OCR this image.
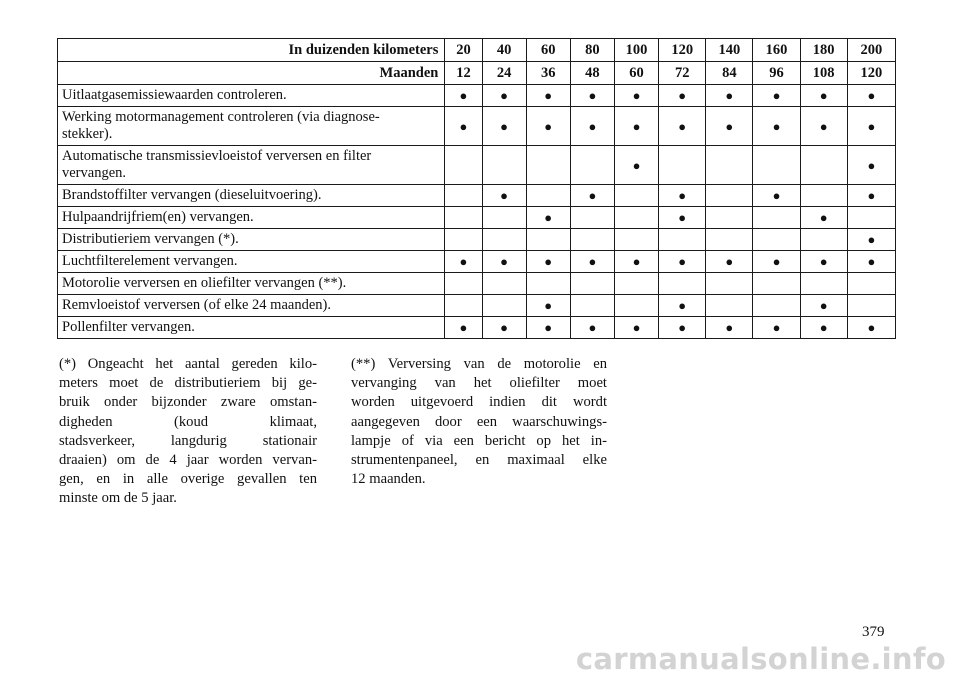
In duizenden kilometers	20	40	60	80	100	120	140	160	180	200
Maanden	12	24	36	48	60	72	84	96	108	120

Uitlaatgasemissiewaarden controleren.	●	●	●	●	●	●	●	●	●	●

Werking motormanagement controleren (via diagnose-
stekker).	●	●	●	●	●	●	●	●	●	●

Automatische transmissievloeistof verversen en filter
vervangen.					●					●

Brandstoffilter vervangen (dieseluitvoering).		●		●		●		●		●

Hulpaandrijfriem(en) vervangen.			●			●			●	

Distributieriem vervangen (*).										●

Luchtfilterelement vervangen.	●	●	●	●	●	●	●	●	●	●

Motorolie verversen en oliefilter vervangen (**).										

Remvloeistof verversen (of elke 24 maanden).			●			●			●	

Pollenfilter vervangen.	●	●	●	●	●	●	●	●	●	●
(*) Ongeacht het aantal gereden kilo-
meters moet de distributieriem bij ge-
bruik onder bijzonder zware omstan-
digheden (koud klimaat,
stadsverkeer, langdurig stationair
draaien) om de 4 jaar worden vervan-
gen, en in alle overige gevallen ten
minste om de 5 jaar.
(**) Verversing van de motorolie en
vervanging van het oliefilter moet
worden uitgevoerd indien dit wordt
aangegeven door een waarschuwings-
lampje of via een bericht op het in-
strumentenpaneel, en maximaal elke
12 maanden.
379
carmanualsonline.info
